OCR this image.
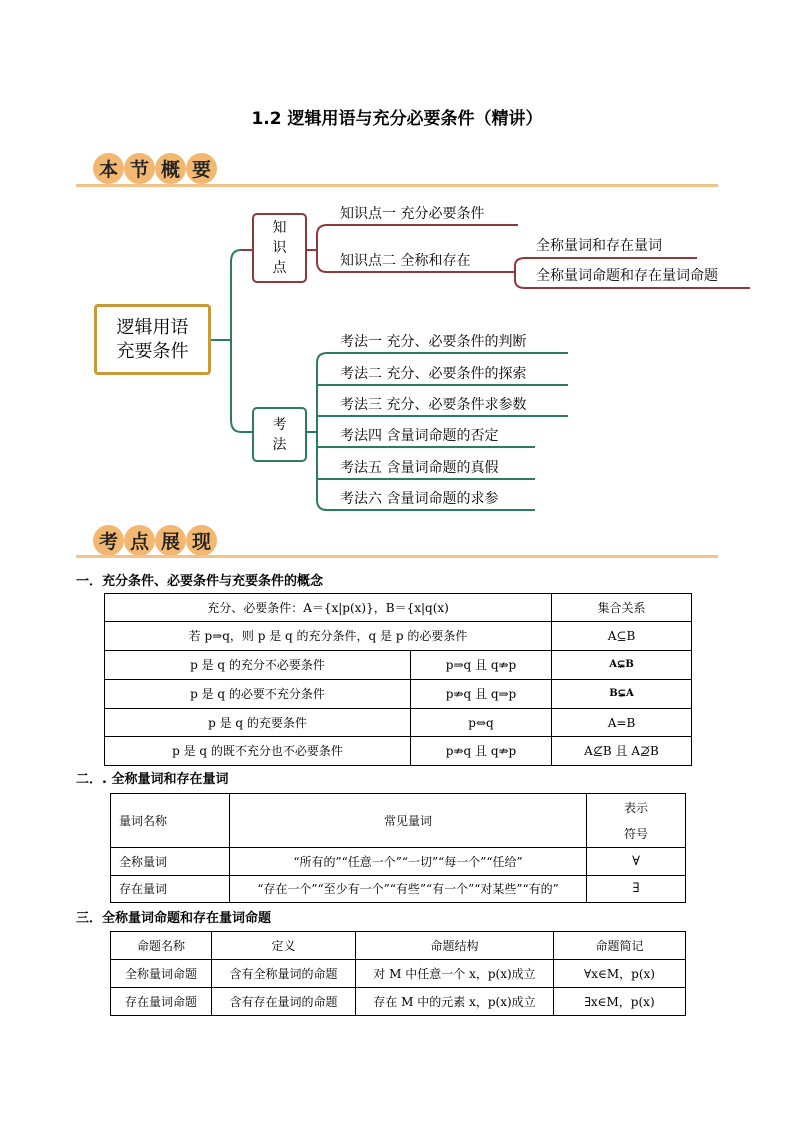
1.2 逻辑用语与充分必要条件（精讲）
本 节 概 要
逻辑用语
充要条件
知
识
点
考
法
知识点一 充分必要条件
知识点二 全称和存在
全称量词和存在量词
全称量词命题和存在量词命题
考法一 充分、必要条件的判断
考法二 充分、必要条件的探索
考法三 充分、必要条件求参数
考法四 含量词命题的否定
考法五 含量词命题的真假
考法六 含量词命题的求参
考 点 展 现
一．充分条件、必要条件与充要条件的概念
充分、必要条件：A＝{x|p(x)}，B＝{x|q(x)		集合关系
若 p⇒q，则 p 是 q 的充分条件，q 是 p 的必要条件		A⊆B
p 是 q 的充分不必要条件	p⇒q 且 q⇏p	A⊊B
p 是 q 的必要不充分条件	p⇏q 且 q⇒p	B⊊A
p 是 q 的充要条件	p⇔q	A=B
p 是 q 的既不充分也不必要条件	p⇏q 且 q⇏p	A⊈B 且 A⊉B
二．. 全称量词和存在量词
量词名称	常见量词	表示
符号

全称量词	“所有的”“任意一个”“一切”“每一个”“任给”	∀
存在量词	“存在一个”“至少有一个”“有些”“有一个”“对某些”“有的”	∃
三．全称量词命题和存在量词命题
命题名称	定义	命题结构	命题简记
全称量词命题	含有全称量词的命题	对 M 中任意一个 x，p(x)成立	∀x∈M，p(x)
存在量词命题	含有存在量词的命题	存在 M 中的元素 x，p(x)成立	∃x∈M，p(x)
